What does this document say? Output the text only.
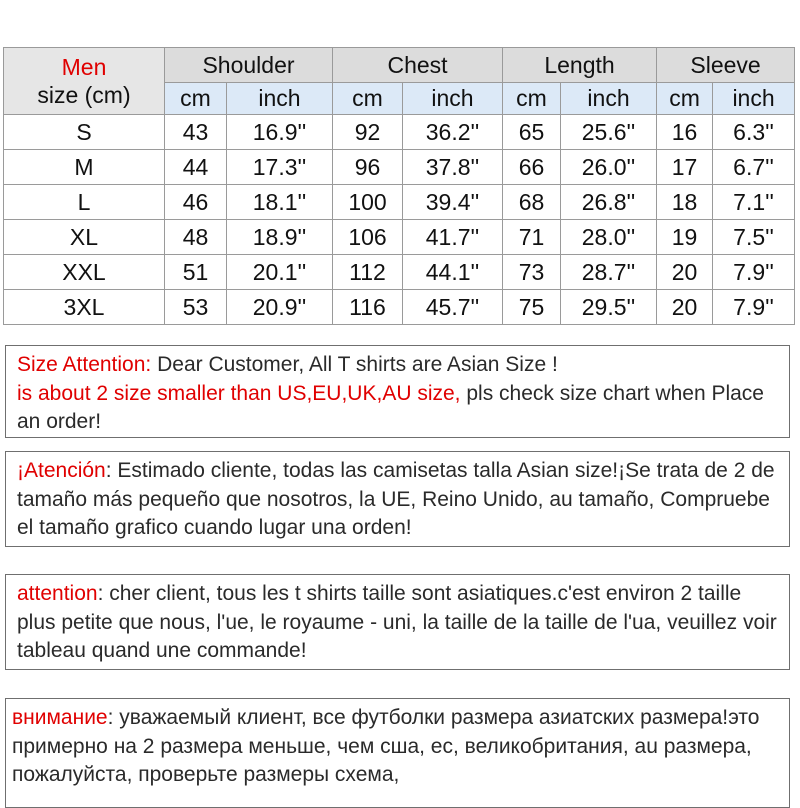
Men
size (cm)	Shoulder		Chest		Length		Sleeve	
	cm	inch	cm	inch	cm	inch	cm	inch
S	43	16.9''	92	36.2''	65	25.6''	16	6.3''
M	44	17.3''	96	37.8''	66	26.0''	17	6.7''
L	46	18.1''	100	39.4''	68	26.8''	18	7.1''
XL	48	18.9''	106	41.7''	71	28.0''	19	7.5''
XXL	51	20.1''	112	44.1''	73	28.7''	20	7.9''
3XL	53	20.9''	116	45.7''	75	29.5''	20	7.9''
Size Attention: Dear Customer, All T shirts are Asian Size !
is about 2 size smaller than US,EU,UK,AU size, pls check size chart when Place an order!
¡Atención: Estimado cliente, todas las camisetas talla Asian size!¡Se trata de 2 de tamaño más pequeño que nosotros, la UE, Reino Unido, au tamaño, Compruebe el tamaño grafico cuando lugar una orden!
attention: cher client, tous les t shirts taille sont asiatiques.c'est environ 2 taille plus petite que nous, l'ue, le royaume - uni, la taille de la taille de l'ua, veuillez voir tableau quand une commande!
внимание: уважаемый клиент, все футболки размера азиатских размера!это примерно на 2 размера меньше, чем сша, ес, великобритания, au размера, пожалуйста, проверьте размеры схема,
